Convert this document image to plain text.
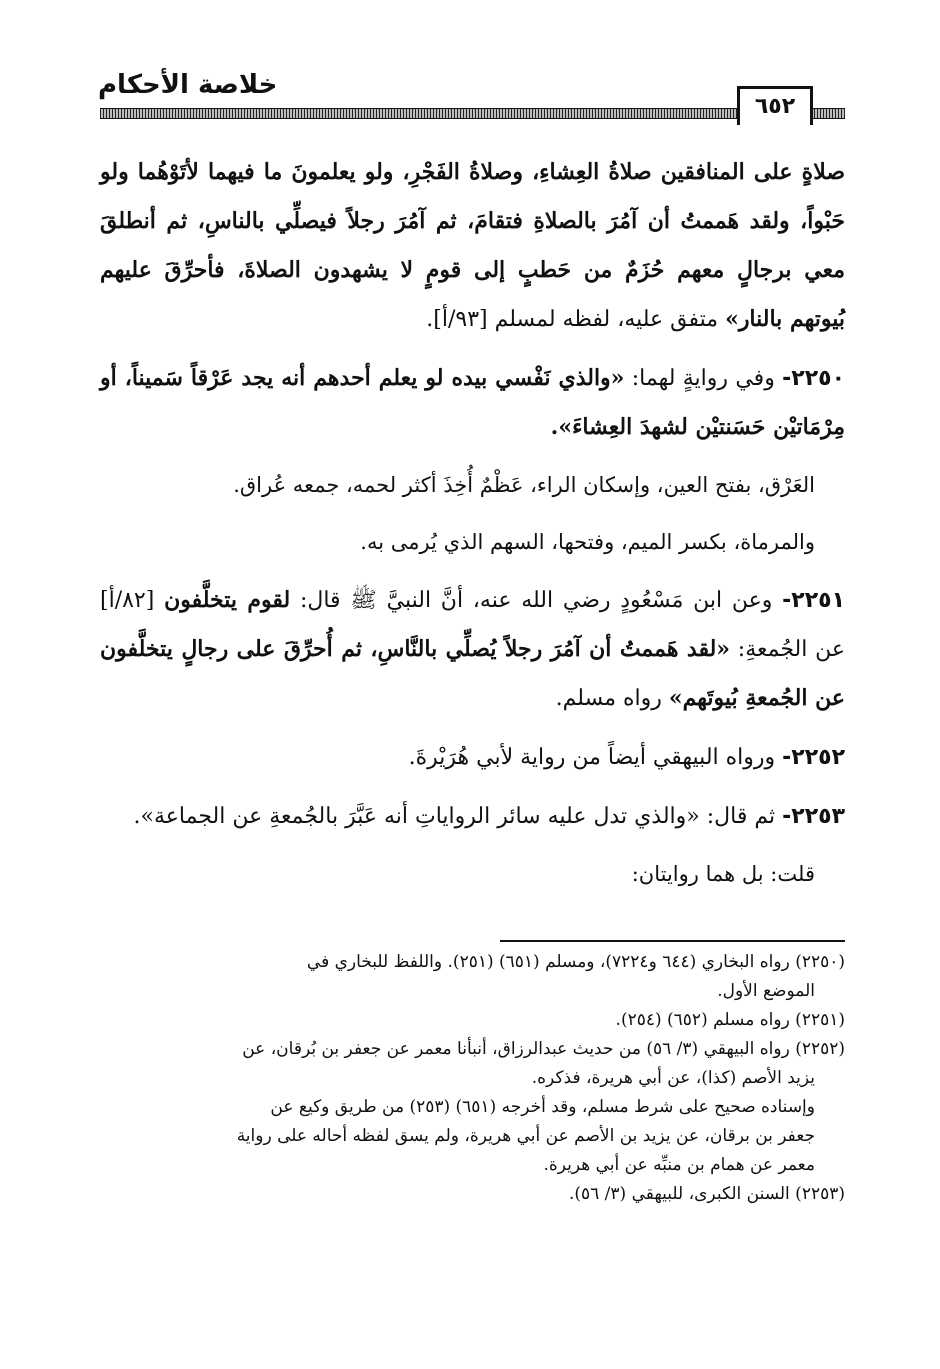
خلاصة الأحكام
٦٥٢

صلاةٍ على المنافقين صلاةُ العِشاءِ، وصلاةُ الفَجْرِ، ولو يعلمونَ ما فيهما لأتَوْهُما ولو حَبْواً، ولقد هَممتُ أن آمُرَ بالصلاةِ فتقامَ، ثم آمُرَ رجلاً فيصلِّي بالناسِ، ثم أنطلقَ معي برجالٍ معهم حُزَمٌ من حَطبٍ إلى قومٍ لا يشهدون الصلاةَ، فأحرِّقَ عليهم بُيوتهم بالنار» متفق عليه، لفظه لمسلم [٩٣/أ].

٢٢٥٠- وفي روايةٍ لهما: «والذي نَفْسي بيده لو يعلم أحدهم أنه يجد عَرْقاً سَميناً، أو مِرْمَاتيْن حَسَنتيْن لشهدَ العِشاءَ».

العَرْق، بفتح العين، وإسكان الراء، عَظْمٌ أُخِذَ أكثر لحمه، جمعه عُراق.

والمرماة، بكسر الميم، وفتحها، السهم الذي يُرمى به.

٢٢٥١- وعن ابن مَسْعُودٍ رضي الله عنه، أنَّ النبيَّ ﷺ قال: لقوم يتخلَّفون [٨٢/أ] عن الجُمعةِ: «لقد هَممتُ أن آمُرَ رجلاً يُصلِّي بالنَّاسِ، ثم أُحرِّقَ على رجالٍ يتخلَّفون عن الجُمعةِ بُيوتَهم» رواه مسلم.

٢٢٥٢- ورواه البيهقي أيضاً من رواية لأبي هُرَيْرةَ.

٢٢٥٣- ثم قال: «والذي تدل عليه سائر الرواياتِ أنه عَبَّرَ بالجُمعةِ عن الجماعة».

قلت: بل هما روايتان:

(٢٢٥٠) رواه البخاري (٦٤٤ و٧٢٢٤)، ومسلم (٦٥١) (٢٥١). واللفظ للبخاري في

الموضع الأول.

(٢٢٥١) رواه مسلم (٦٥٢) (٢٥٤).

(٢٢٥٢) رواه البيهقي (٣/ ٥٦) من حديث عبدالرزاق، أنبأنا معمر عن جعفر بن بُرقان، عن

يزيد الأصم (كذا)، عن أبي هريرة، فذكره.

وإسناده صحيح على شرط مسلم، وقد أخرجه (٦٥١) (٢٥٣) من طريق وكيع عن

جعفر بن برقان، عن يزيد بن الأصم عن أبي هريرة، ولم يسق لفظه أحاله على رواية

معمر عن همام بن منبِّه عن أبي هريرة.

(٢٢٥٣) السنن الكبرى، للبيهقي (٣/ ٥٦).
